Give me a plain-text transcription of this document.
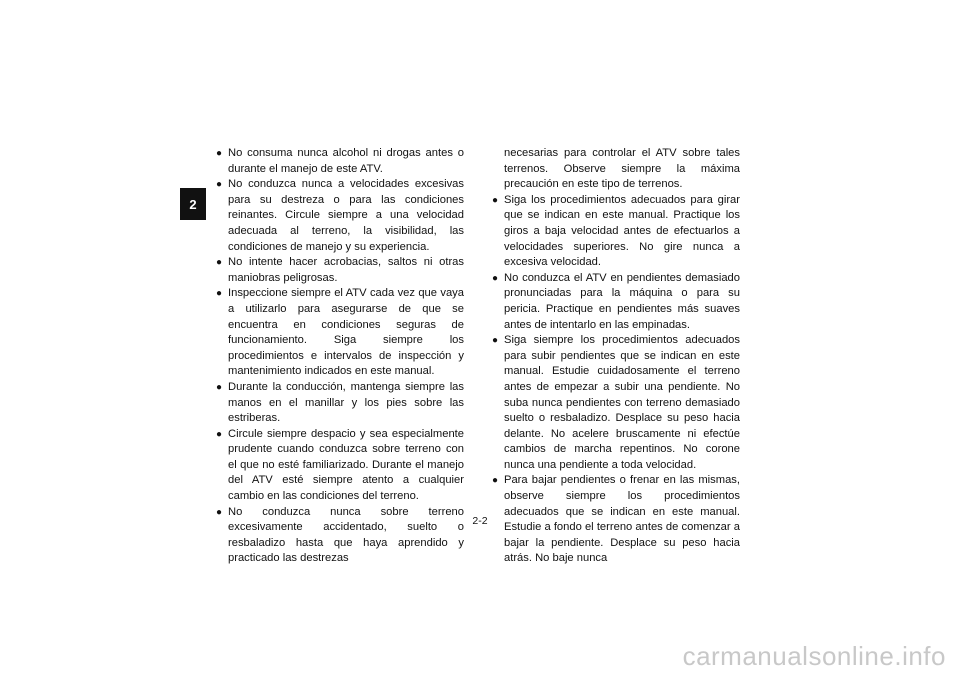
2
● No consuma nunca alcohol ni drogas antes o durante el manejo de este ATV.
● No conduzca nunca a velocidades excesivas para su destreza o para las condiciones reinantes. Circule siempre a una velocidad adecuada al terreno, la visibilidad, las condiciones de manejo y su experiencia.
● No intente hacer acrobacias, saltos ni otras maniobras peligrosas.
● Inspeccione siempre el ATV cada vez que vaya a utilizarlo para asegurarse de que se encuentra en condiciones seguras de funcionamiento. Siga siempre los procedimientos e intervalos de inspección y mantenimiento indicados en este manual.
● Durante la conducción, mantenga siempre las manos en el manillar y los pies sobre las estriberas.
● Circule siempre despacio y sea especialmente prudente cuando conduzca sobre terreno con el que no esté familiarizado. Durante el manejo del ATV esté siempre atento a cualquier cambio en las condiciones del terreno.
● No conduzca nunca sobre terreno excesivamente accidentado, suelto o resbaladizo hasta que haya aprendido y practicado las destrezas
necesarias para controlar el ATV sobre tales terrenos. Observe siempre la máxima precaución en este tipo de terrenos.
● Siga los procedimientos adecuados para girar que se indican en este manual. Practique los giros a baja velocidad antes de efectuarlos a velocidades superiores. No gire nunca a excesiva velocidad.
● No conduzca el ATV en pendientes demasiado pronunciadas para la máquina o para su pericia. Practique en pendientes más suaves antes de intentarlo en las empinadas.
● Siga siempre los procedimientos adecuados para subir pendientes que se indican en este manual. Estudie cuidadosamente el terreno antes de empezar a subir una pendiente. No suba nunca pendientes con terreno demasiado suelto o resbaladizo. Desplace su peso hacia delante. No acelere bruscamente ni efectúe cambios de marcha repentinos. No corone nunca una pendiente a toda velocidad.
● Para bajar pendientes o frenar en las mismas, observe siempre los procedimientos adecuados que se indican en este manual. Estudie a fondo el terreno antes de comenzar a bajar la pendiente. Desplace su peso hacia atrás. No baje nunca
2-2
carmanualsonline.info
